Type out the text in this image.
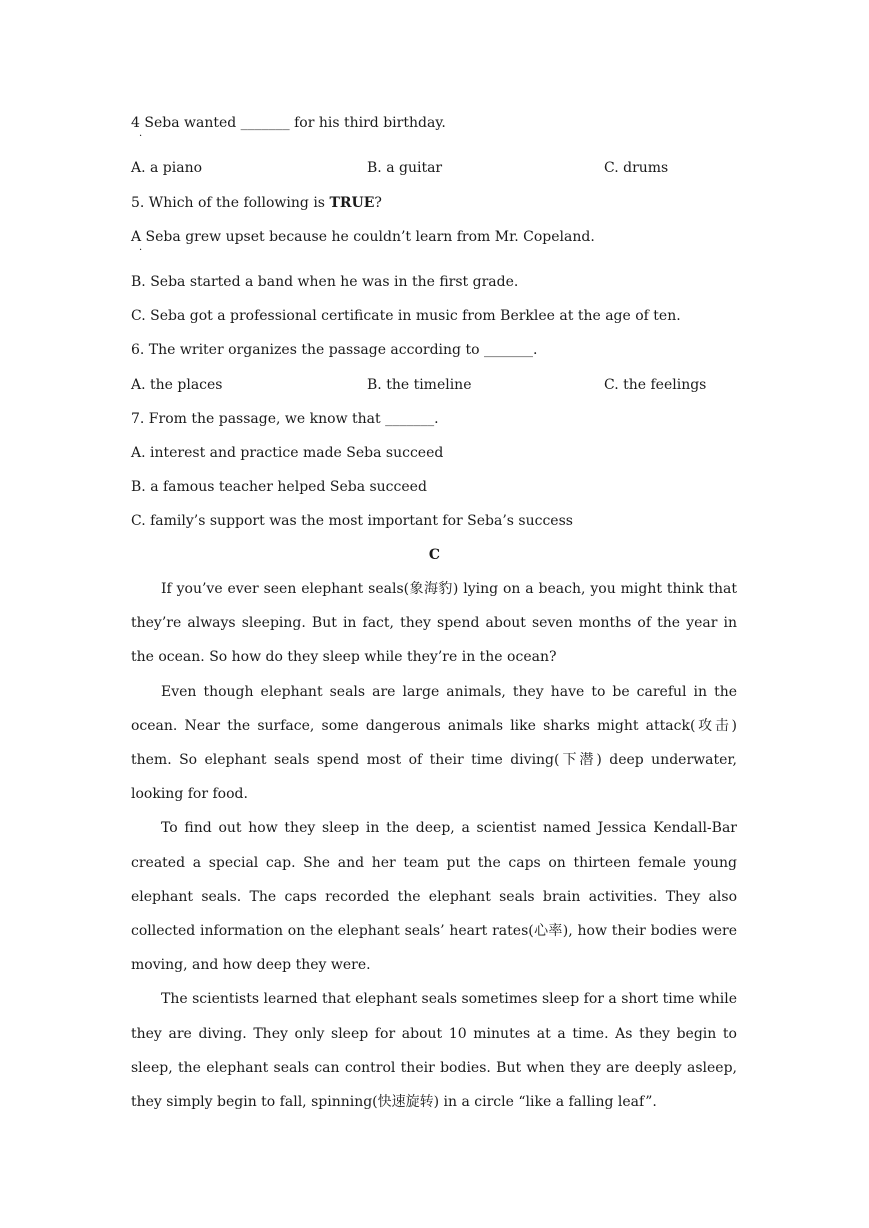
4 Seba wanted _______ for his third birthday.
·
A. a piano	B. a guitar	C. drums
5. Which of the following is TRUE?
A Seba grew upset because he couldn’t learn from Mr. Copeland.
·
B. Seba started a band when he was in the first grade.
C. Seba got a professional certificate in music from Berklee at the age of ten.
6. The writer organizes the passage according to _______.
A. the places	B. the timeline	C. the feelings
7. From the passage, we know that _______.
A. interest and practice made Seba succeed
B. a famous teacher helped Seba succeed
C. family’s support was the most important for Seba’s success
C

If you’ve ever seen elephant seals(象海豹) lying on a beach, you might think that they’re always sleeping. But in fact, they spend about seven months of the year in the ocean. So how do they sleep while they’re in the ocean?

Even though elephant seals are large animals, they have to be careful in the ocean. Near the surface, some dangerous animals like sharks might attack(攻击) them. So elephant seals spend most of their time diving(下潜) deep underwater, looking for food.

To find out how they sleep in the deep, a scientist named Jessica Kendall-Bar created a special cap. She and her team put the caps on thirteen female young elephant seals. The caps recorded the elephant seals brain activities. They also collected information on the elephant seals’ heart rates(心率), how their bodies were moving, and how deep they were.

The scientists learned that elephant seals sometimes sleep for a short time while they are diving. They only sleep for about 10 minutes at a time. As they begin to sleep, the elephant seals can control their bodies. But when they are deeply asleep, they simply begin to fall, spinning(快速旋转) in a circle “like a falling leaf”.
